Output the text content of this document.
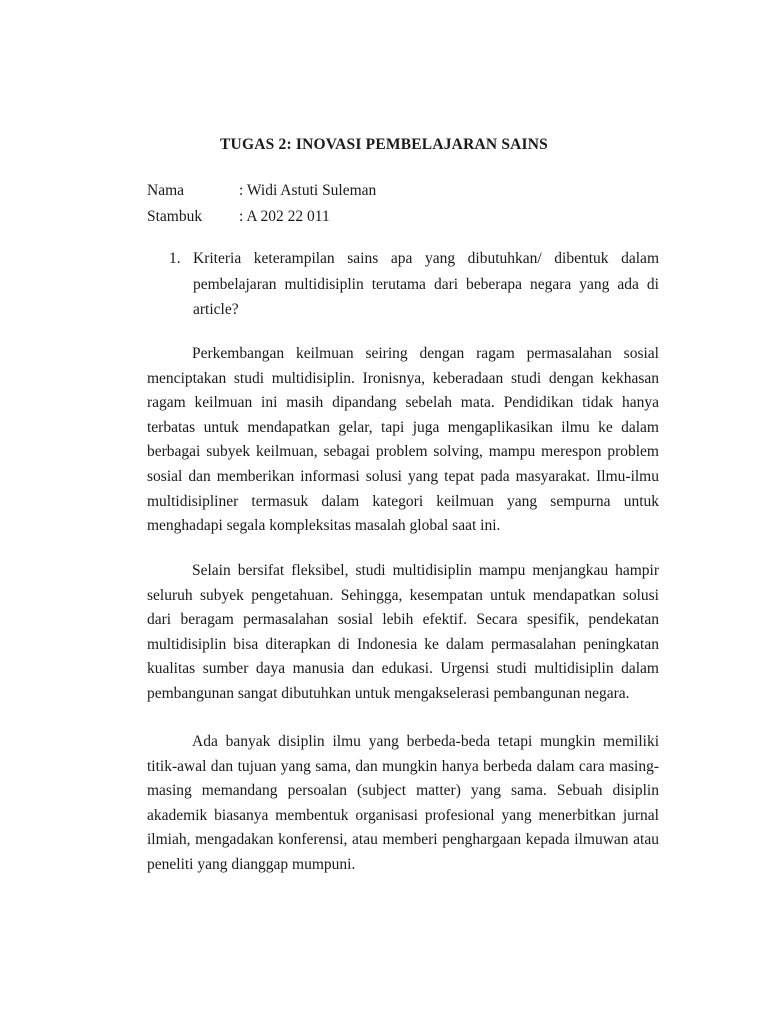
TUGAS 2: INOVASI PEMBELAJARAN SAINS
Nama	: Widi Astuti Suleman
Stambuk	: A 202 22 011
1. Kriteria keterampilan sains apa yang dibutuhkan/ dibentuk dalam pembelajaran multidisiplin terutama dari beberapa negara yang ada di article?

Perkembangan keilmuan seiring dengan ragam permasalahan sosial menciptakan studi multidisiplin. Ironisnya, keberadaan studi dengan kekhasan ragam keilmuan ini masih dipandang sebelah mata. Pendidikan tidak hanya terbatas untuk mendapatkan gelar, tapi juga mengaplikasikan ilmu ke dalam berbagai subyek keilmuan, sebagai problem solving, mampu merespon problem sosial dan memberikan informasi solusi yang tepat pada masyarakat. Ilmu-ilmu multidisipliner termasuk dalam kategori keilmuan yang sempurna untuk menghadapi segala kompleksitas masalah global saat ini.

Selain bersifat fleksibel, studi multidisiplin mampu menjangkau hampir seluruh subyek pengetahuan. Sehingga, kesempatan untuk mendapatkan solusi dari beragam permasalahan sosial lebih efektif. Secara spesifik, pendekatan multidisiplin bisa diterapkan di Indonesia ke dalam permasalahan peningkatan kualitas sumber daya manusia dan edukasi. Urgensi studi multidisiplin dalam pembangunan sangat dibutuhkan untuk mengakselerasi pembangunan negara.

Ada banyak disiplin ilmu yang berbeda-beda tetapi mungkin memiliki titik-awal dan tujuan yang sama, dan mungkin hanya berbeda dalam cara masing-masing memandang persoalan (subject matter) yang sama. Sebuah disiplin akademik biasanya membentuk organisasi profesional yang menerbitkan jurnal ilmiah, mengadakan konferensi, atau memberi penghargaan kepada ilmuwan atau peneliti yang dianggap mumpuni.
